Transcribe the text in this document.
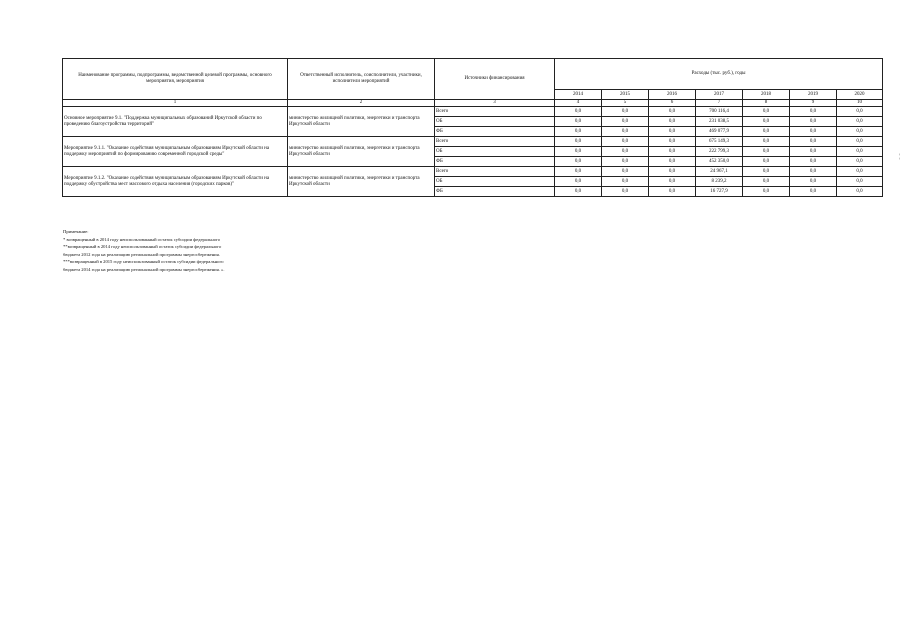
Наименование программы, подпрограммы, ведомственной целевой программы, основного мероприятия, мероприятия	Ответственный исполнитель, соисполнители, участники, исполнители мероприятий	Источники финансирования	Расходы (тыс. руб.), годы						
			2014	2015	2016	2017	2018	2019	2020
1	2	3	4	5	6	7	8	9	10
Основное мероприятие 9.1. "Поддержка муниципальных образований Иркутской области по проведению благоустройства территорий"	министерство жилищной политики, энергетики и транспорта Иркутской области	Всего	0,0	0,0	0,0	700 116,4	0,0	0,0	0,0
		ОБ	0,0	0,0	0,0	231 038,5	0,0	0,0	0,0
		ФБ	0,0	0,0	0,0	469 077,9	0,0	0,0	0,0
Мероприятие 9.1.1. "Оказание содействия муниципальным образованиям Иркутской области на поддержку мероприятий по формированию современной городской среды"	министерство жилищной политики, энергетики и транспорта Иркутской области	Всего	0,0	0,0	0,0	675 149,3	0,0	0,0	0,0
		ОБ	0,0	0,0	0,0	222 799,3	0,0	0,0	0,0
		ФБ	0,0	0,0	0,0	452 350,0	0,0	0,0	0,0
Мероприятие 9.1.2. "Оказание содействия муниципальным образованиям Иркутской области на поддержку обустройства мест массового отдыха населения (городских парков)"	министерство жилищной политики, энергетики и транспорта Иркутской области	Всего	0,0	0,0	0,0	24 967,1	0,0	0,0	0,0
		ОБ	0,0	0,0	0,0	8 239,2	0,0	0,0	0,0
		ФБ	0,0	0,0	0,0	16 727,9	0,0	0,0	0,0
Примечание:
* возвращенный в 2014 году неиспользованный остаток субсидии федерального
**возвращенный в 2014 году неиспользованный остаток субсидии федерального
бюджета 2012 года на реализацию региональной программы энергосбережения.
***возвращенный в 2015 году неиспользованный остаток субсидии федерального
бюджета 2014 года на реализацию региональной программы энергосбережения. ».
¦
